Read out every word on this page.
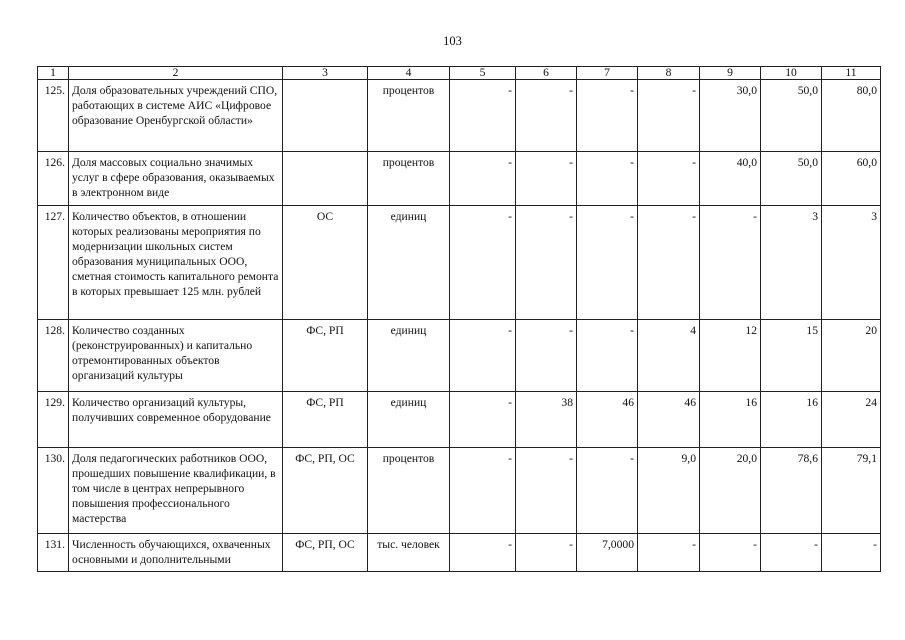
103
1	2	3	4	5	6	7	8	9	10	11
125.	Доля образовательных учреждений СПО, работающих в системе АИС «Цифровое образование Оренбургской области»		процентов	-	-	-	-	30,0	50,0	80,0
126.	Доля массовых социально значимых услуг в сфере образования, оказываемых в электронном виде		процентов	-	-	-	-	40,0	50,0	60,0
127.	Количество объектов, в отношении которых реализованы мероприятия по модернизации школьных систем образования муниципальных ООО, сметная стоимость капитального ремонта в которых превышает 125 млн. рублей	ОС	единиц	-	-	-	-	-	3	3
128.	Количество созданных (реконструированных) и капитально отремонтированных объектов организаций культуры	ФС, РП	единиц	-	-	-	4	12	15	20
129.	Количество организаций культуры, получивших современное оборудование	ФС, РП	единиц	-	38	46	46	16	16	24
130.	Доля педагогических работников ООО, прошедших повышение квалификации, в том числе в центрах непрерывного повышения профессионального мастерства	ФС, РП, ОС	процентов	-	-	-	9,0	20,0	78,6	79,1
131.	Численность обучающихся, охваченных основными и дополнительными	ФС, РП, ОС	тыс. человек	-	-	7,0000	-	-	-	-
